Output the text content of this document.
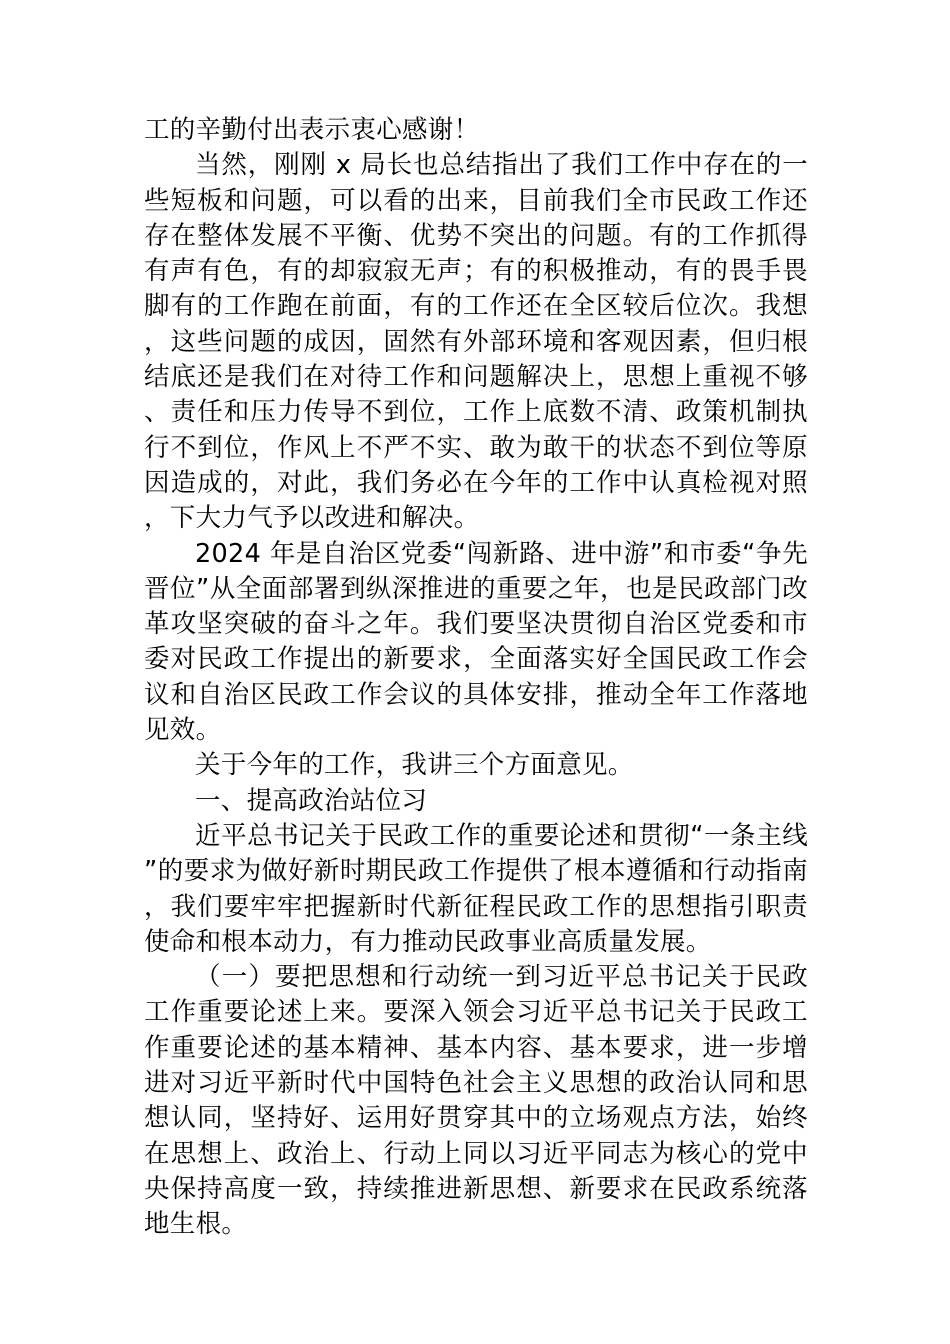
工的辛勤付出表示衷心感谢！

当然，刚刚 x 局长也总结指出了我们工作中存在的一些短板和问题，可以看的出来，目前我们全市民政工作还存在整体发展不平衡、优势不突出的问题。有的工作抓得有声有色，有的却寂寂无声；有的积极推动，有的畏手畏脚有的工作跑在前面，有的工作还在全区较后位次。我想，这些问题的成因，固然有外部环境和客观因素，但归根结底还是我们在对待工作和问题解决上，思想上重视不够、责任和压力传导不到位，工作上底数不清、政策机制执行不到位，作风上不严不实、敢为敢干的状态不到位等原因造成的，对此，我们务必在今年的工作中认真检视对照，下大力气予以改进和解决。

2024 年是自治区党委“闯新路、进中游”和市委“争先晋位”从全面部署到纵深推进的重要之年，也是民政部门改革攻坚突破的奋斗之年。我们要坚决贯彻自治区党委和市委对民政工作提出的新要求，全面落实好全国民政工作会议和自治区民政工作会议的具体安排，推动全年工作落地见效。

关于今年的工作，我讲三个方面意见。

一、提高政治站位习

近平总书记关于民政工作的重要论述和贯彻“一条主线”的要求为做好新时期民政工作提供了根本遵循和行动指南，我们要牢牢把握新时代新征程民政工作的思想指引职责使命和根本动力，有力推动民政事业高质量发展。

（一）要把思想和行动统一到习近平总书记关于民政工作重要论述上来。要深入领会习近平总书记关于民政工作重要论述的基本精神、基本内容、基本要求，进一步增进对习近平新时代中国特色社会主义思想的政治认同和思想认同，坚持好、运用好贯穿其中的立场观点方法，始终在思想上、政治上、行动上同以习近平同志为核心的党中央保持高度一致，持续推进新思想、新要求在民政系统落地生根。
